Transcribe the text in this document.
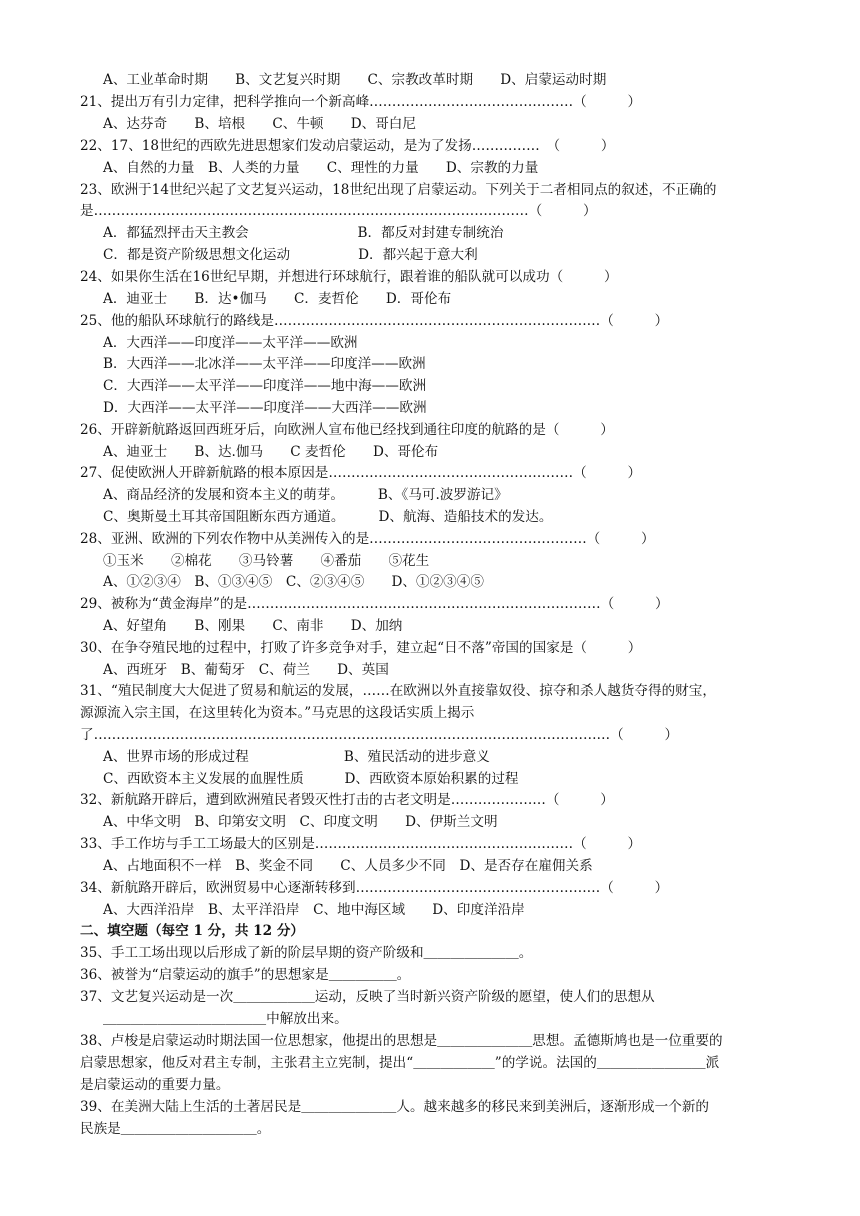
A、工业革命时期　　B、文艺复兴时期　　C、宗教改革时期　　D、启蒙运动时期
21、提出万有引力定律，把科学推向一个新高峰………………………………………（　　　）
A、达芬奇　　B、培根　　C、牛顿　　D、哥白尼
22、17、18世纪的西欧先进思想家们发动启蒙运动，是为了发扬……………　（　　　）
A、自然的力量　B、人类的力量　　C、理性的力量　　D、宗教的力量
23、欧洲于14世纪兴起了文艺复兴运动，18世纪出现了启蒙运动。下列关于二者相同点的叙述，不正确的
是……………………………………………………………………………………（　　　）
A．都猛烈抨击天主教会　　　　　　　　B．都反对封建专制统治
C．都是资产阶级思想文化运动　　　　　D．都兴起于意大利
24、如果你生活在16世纪早期，并想进行环球航行，跟着谁的船队就可以成功（　　　）
A．迪亚士　　B．达•伽马　　C．麦哲伦　　D．哥伦布
25、他的船队环球航行的路线是………………………………………………………………（　　　）
A．大西洋——印度洋——太平洋——欧洲
B．大西洋——北冰洋——太平洋——印度洋——欧洲
C．大西洋——太平洋——印度洋——地中海——欧洲
D．大西洋——太平洋——印度洋——大西洋——欧洲
26、开辟新航路返回西班牙后，向欧洲人宣布他已经找到通往印度的航路的是（　　　）
A、迪亚士　　B、达.伽马　　C 麦哲伦　　D、哥伦布
27、促使欧洲人开辟新航路的根本原因是………………………………………………（　　　）
A、商品经济的发展和资本主义的萌芽。　　　B、《马可.波罗游记》
C、奥斯曼土耳其帝国阻断东西方通道。　　　D、航海、造船技术的发达。
28、亚洲、欧洲的下列农作物中从美洲传入的是…………………………………………（　　　）
①玉米　　②棉花　　③马铃薯　　④番茄　　⑤花生
A、①②③④　B、①③④⑤　C、②③④⑤　　D、①②③④⑤
29、被称为“黄金海岸”的是……………………………………………………………………（　　　）
A、好望角　　B、刚果　　C、南非　　D、加纳
30、在争夺殖民地的过程中，打败了许多竞争对手，建立起“日不落”帝国的国家是（　　　）
A、西班牙　B、葡萄牙　C、荷兰　　D、英国
31、“殖民制度大大促进了贸易和航运的发展，……在欧洲以外直接靠奴役、掠夺和杀人越货夺得的财宝，
源源流入宗主国，在这里转化为资本。”马克思的这段话实质上揭示
了……………………………………………………………………………………………………（　　　）
A、世界市场的形成过程　　　　　　　B、殖民活动的进步意义
C、西欧资本主义发展的血腥性质　　　D、西欧资本原始积累的过程
32、新航路开辟后，遭到欧洲殖民者毁灭性打击的古老文明是…………………（　　　）
A、中华文明　B、印第安文明　C、印度文明　　D、伊斯兰文明
33、手工作坊与手工工场最大的区别是…………………………………………………（　　　）
A、占地面积不一样　B、奖金不同　　C、人员多少不同　D、是否存在雇佣关系
34、新航路开辟后，欧洲贸易中心逐渐转移到………………………………………………（　　　）
A、大西洋沿岸　B、太平洋沿岸　C、地中海区域　　D、印度洋沿岸
二、填空题（每空 1 分，共 12 分）
35、手工工场出现以后形成了新的阶层早期的资产阶级和＿＿＿＿＿＿＿。
36、被誉为“启蒙运动的旗手”的思想家是＿＿＿＿＿。
37、文艺复兴运动是一次＿＿＿＿＿＿运动，反映了当时新兴资产阶级的愿望，使人们的思想从
＿＿＿＿＿＿＿＿＿＿＿＿中解放出来。
38、卢梭是启蒙运动时期法国一位思想家，他提出的思想是＿＿＿＿＿＿＿思想。孟德斯鸠也是一位重要的
启蒙思想家，他反对君主专制，主张君主立宪制，提出“＿＿＿＿＿＿”的学说。法国的＿＿＿＿＿＿＿＿派
是启蒙运动的重要力量。
39、在美洲大陆上生活的土著居民是＿＿＿＿＿＿＿人。越来越多的移民来到美洲后，逐渐形成一个新的
民族是＿＿＿＿＿＿＿＿＿＿。
